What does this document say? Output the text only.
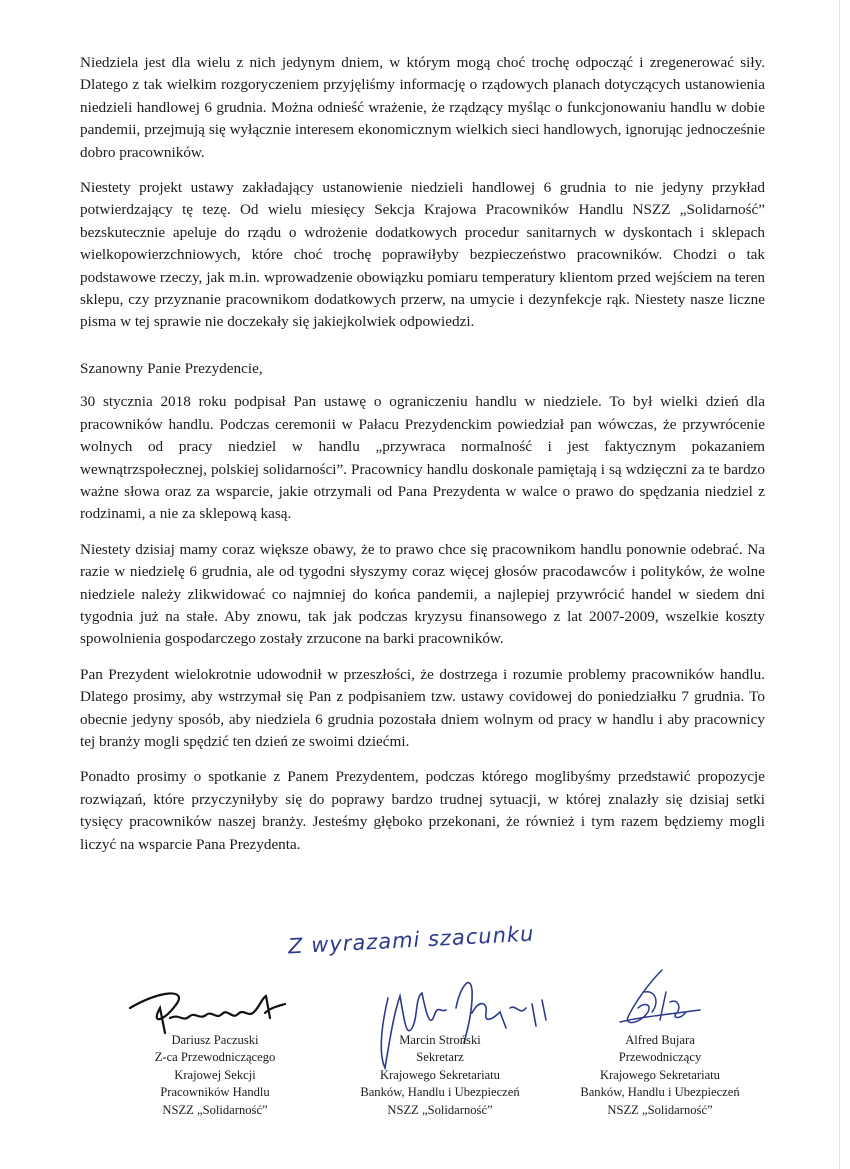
Niedziela jest dla wielu z nich jedynym dniem, w którym mogą choć trochę odpocząć i zregenerować siły. Dlatego z tak wielkim rozgoryczeniem przyjęliśmy informację o rządowych planach dotyczących ustanowienia niedzieli handlowej 6 grudnia. Można odnieść wrażenie, że rządzący myśląc o funkcjonowaniu handlu w dobie pandemii, przejmują się wyłącznie interesem ekonomicznym wielkich sieci handlowych, ignorując jednocześnie dobro pracowników.

Niestety projekt ustawy zakładający ustanowienie niedzieli handlowej 6 grudnia to nie jedyny przykład potwierdzający tę tezę. Od wielu miesięcy Sekcja Krajowa Pracowników Handlu NSZZ „Solidarność” bezskutecznie apeluje do rządu o wdrożenie dodatkowych procedur sanitarnych w dyskontach i sklepach wielkopowierzchniowych, które choć trochę poprawiłyby bezpieczeństwo pracowników. Chodzi o tak podstawowe rzeczy, jak m.in. wprowadzenie obowiązku pomiaru temperatury klientom przed wejściem na teren sklepu, czy przyznanie pracownikom dodatkowych przerw, na umycie i dezynfekcje rąk. Niestety nasze liczne pisma w tej sprawie nie doczekały się jakiejkolwiek odpowiedzi.

Szanowny Panie Prezydencie,

30 stycznia 2018 roku podpisał Pan ustawę o ograniczeniu handlu w niedziele. To był wielki dzień dla pracowników handlu. Podczas ceremonii w Pałacu Prezydenckim powiedział pan wówczas, że przywrócenie wolnych od pracy niedziel w handlu „przywraca normalność i jest faktycznym pokazaniem wewnątrzspołecznej, polskiej solidarności”. Pracownicy handlu doskonale pamiętają i są wdzięczni za te bardzo ważne słowa oraz za wsparcie, jakie otrzymali od Pana Prezydenta w walce o prawo do spędzania niedziel z rodzinami, a nie za sklepową kasą.

Niestety dzisiaj mamy coraz większe obawy, że to prawo chce się pracownikom handlu ponownie odebrać. Na razie w niedzielę 6 grudnia, ale od tygodni słyszymy coraz więcej głosów pracodawców i polityków, że wolne niedziele należy zlikwidować co najmniej do końca pandemii, a najlepiej przywrócić handel w siedem dni tygodnia już na stałe. Aby znowu, tak jak podczas kryzysu finansowego z lat 2007-2009, wszelkie koszty spowolnienia gospodarczego zostały zrzucone na barki pracowników.

Pan Prezydent wielokrotnie udowodnił w przeszłości, że dostrzega i rozumie problemy pracowników handlu. Dlatego prosimy, aby wstrzymał się Pan z podpisaniem tzw. ustawy covidowej do poniedziałku 7 grudnia. To obecnie jedyny sposób, aby niedziela 6 grudnia pozostała dniem wolnym od pracy w handlu i aby pracownicy tej branży mogli spędzić ten dzień ze swoimi dziećmi.

Ponadto prosimy o spotkanie z Panem Prezydentem, podczas którego moglibyśmy przedstawić propozycje rozwiązań, które przyczyniłyby się do poprawy bardzo trudnej sytuacji, w której znalazły się dzisiaj setki tysięcy pracowników naszej branży. Jesteśmy głęboko przekonani, że również i tym razem będziemy mogli liczyć na wsparcie Pana Prezydenta.

Z wyrazami szacunku
Dariusz Paczuski
Z-ca Przewodniczącego
Krajowej Sekcji
Pracowników Handlu
NSZZ „Solidarność”
Marcin Stroński
Sekretarz
Krajowego Sekretariatu
Banków, Handlu i Ubezpieczeń
NSZZ „Solidarność”
Alfred Bujara
Przewodniczący
Krajowego Sekretariatu
Banków, Handlu i Ubezpieczeń
NSZZ „Solidarność”
